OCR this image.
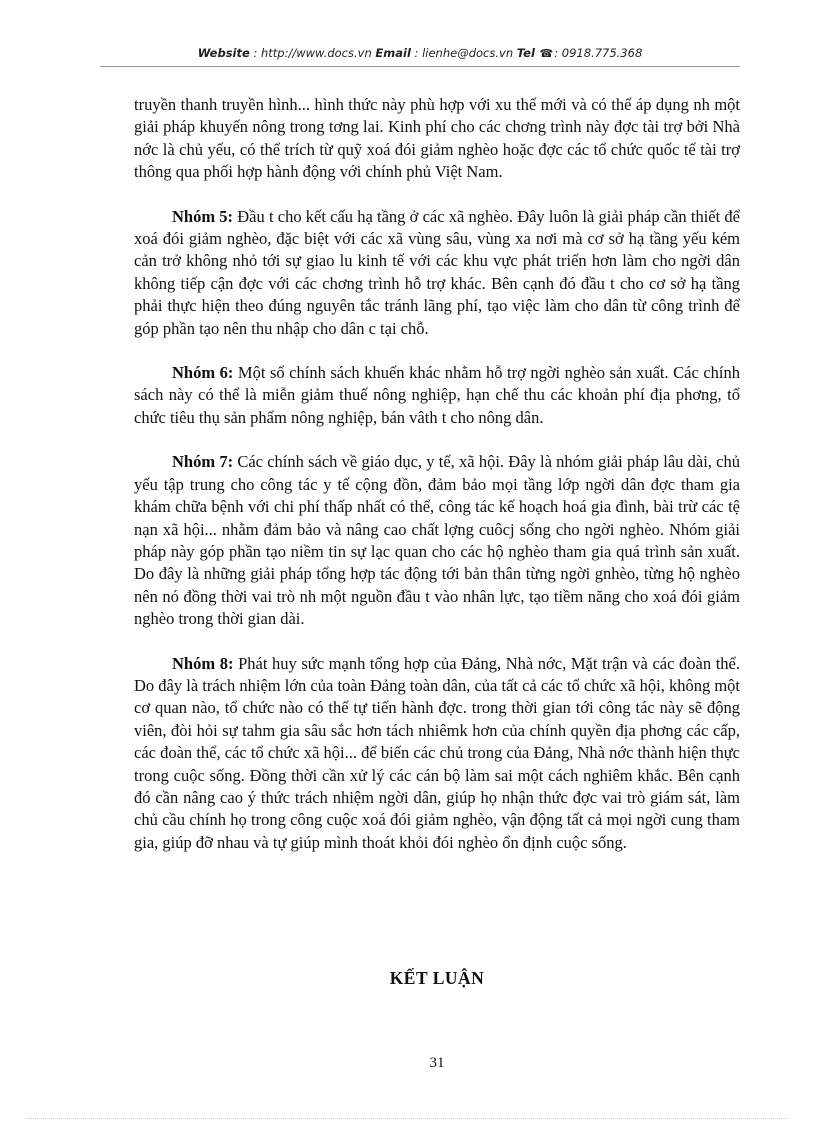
Website : http://www.docs.vn Email : lienhe@docs.vn Tel ☎: 0918.775.368

truyền thanh truyền hình... hình thức này phù hợp với xu thế mới và có thể áp dụng nh một giải pháp khuyến nông trong tơng lai. Kinh phí cho các chơng trình này đợc tài trợ bởi Nhà nớc là chủ yếu, có thể trích từ quỹ xoá đói giảm nghèo hoặc đợc các tổ chức quốc tế tài trợ thông qua phối hợp hành động với chính phủ Việt Nam.

Nhóm 5: Đầu t cho kết cấu hạ tầng ở các xã nghèo. Đây luôn là giải pháp cần thiết để xoá đói giảm nghèo, đặc biệt với các xã vùng sâu, vùng xa nơi mà cơ sở hạ tầng yếu kém cản trở không nhỏ tới sự giao lu kinh tế với các khu vực phát triển hơn làm cho ngời dân không tiếp cận đợc với các chơng trình hỗ trợ khác. Bên cạnh đó đầu t cho cơ sở hạ tầng phải thực hiện theo đúng nguyên tắc tránh lãng phí, tạo việc làm cho dân từ công trình để góp phần tạo nên thu nhập cho dân c tại chỗ.

Nhóm 6: Một số chính sách khuến khác nhằm hỗ trợ ngời nghèo sản xuất. Các chính sách này có thể là miễn giảm thuế nông nghiệp, hạn chế thu các khoản phí địa phơng, tổ chức tiêu thụ sản phẩm nông nghiệp, bán vâth t cho nông dân.

Nhóm 7: Các chính sách về giáo dục, y tế, xã hội. Đây là nhóm giải pháp lâu dài, chủ yếu tập trung cho công tác y tế cộng đồn, đảm bảo mọi tầng lớp ngời dân đợc tham gia khám chữa bệnh với chi phí thấp nhất có thể, công tác kế hoạch hoá gia đình, bài trừ các tệ nạn xã hội... nhằm đảm bảo và nâng cao chất lợng cuôcj sống cho ngời nghèo. Nhóm giải pháp này góp phần tạo niềm tin sự lạc quan cho các hộ nghèo tham gia quá trình sản xuất. Do đây là những giải pháp tổng hợp tác động tới bản thân từng ngời gnhèo, từng hộ nghèo nên nó đồng thời vai trò nh một nguồn đầu t vào nhân lực, tạo tiềm năng cho xoá đói giảm nghèo trong thời gian dài.

Nhóm 8: Phát huy sức mạnh tổng hợp của Đảng, Nhà nớc, Mặt trận và các đoàn thể. Do đây là trách nhiệm lớn của toàn Đảng toàn dân, của tất cả các tổ chức xã hội, không một cơ quan nào, tổ chức nào có thể tự tiến hành đợc. trong thời gian tới công tác này sẽ động viên, đòi hỏi sự tahm gia sâu sắc hơn tách nhiêmk hơn của chính quyền địa phơng các cấp, các đoàn thể, các tổ chức xã hội... để biến các chủ trong của Đảng, Nhà nớc thành hiện thực trong cuộc sống. Đồng thời cần xử lý các cán bộ làm sai một cách nghiêm khắc. Bên cạnh đó cần nâng cao ý thức trách nhiệm ngời dân, giúp họ nhận thức đợc vai trò giám sát, làm chủ cầu chính họ trong công cuộc xoá đói giảm nghèo, vận động tất cả mọi ngời cung tham gia, giúp đỡ nhau và tự giúp mình thoát khỏi đói nghèo ổn định cuộc sống.

KẾT LUẬN
31
